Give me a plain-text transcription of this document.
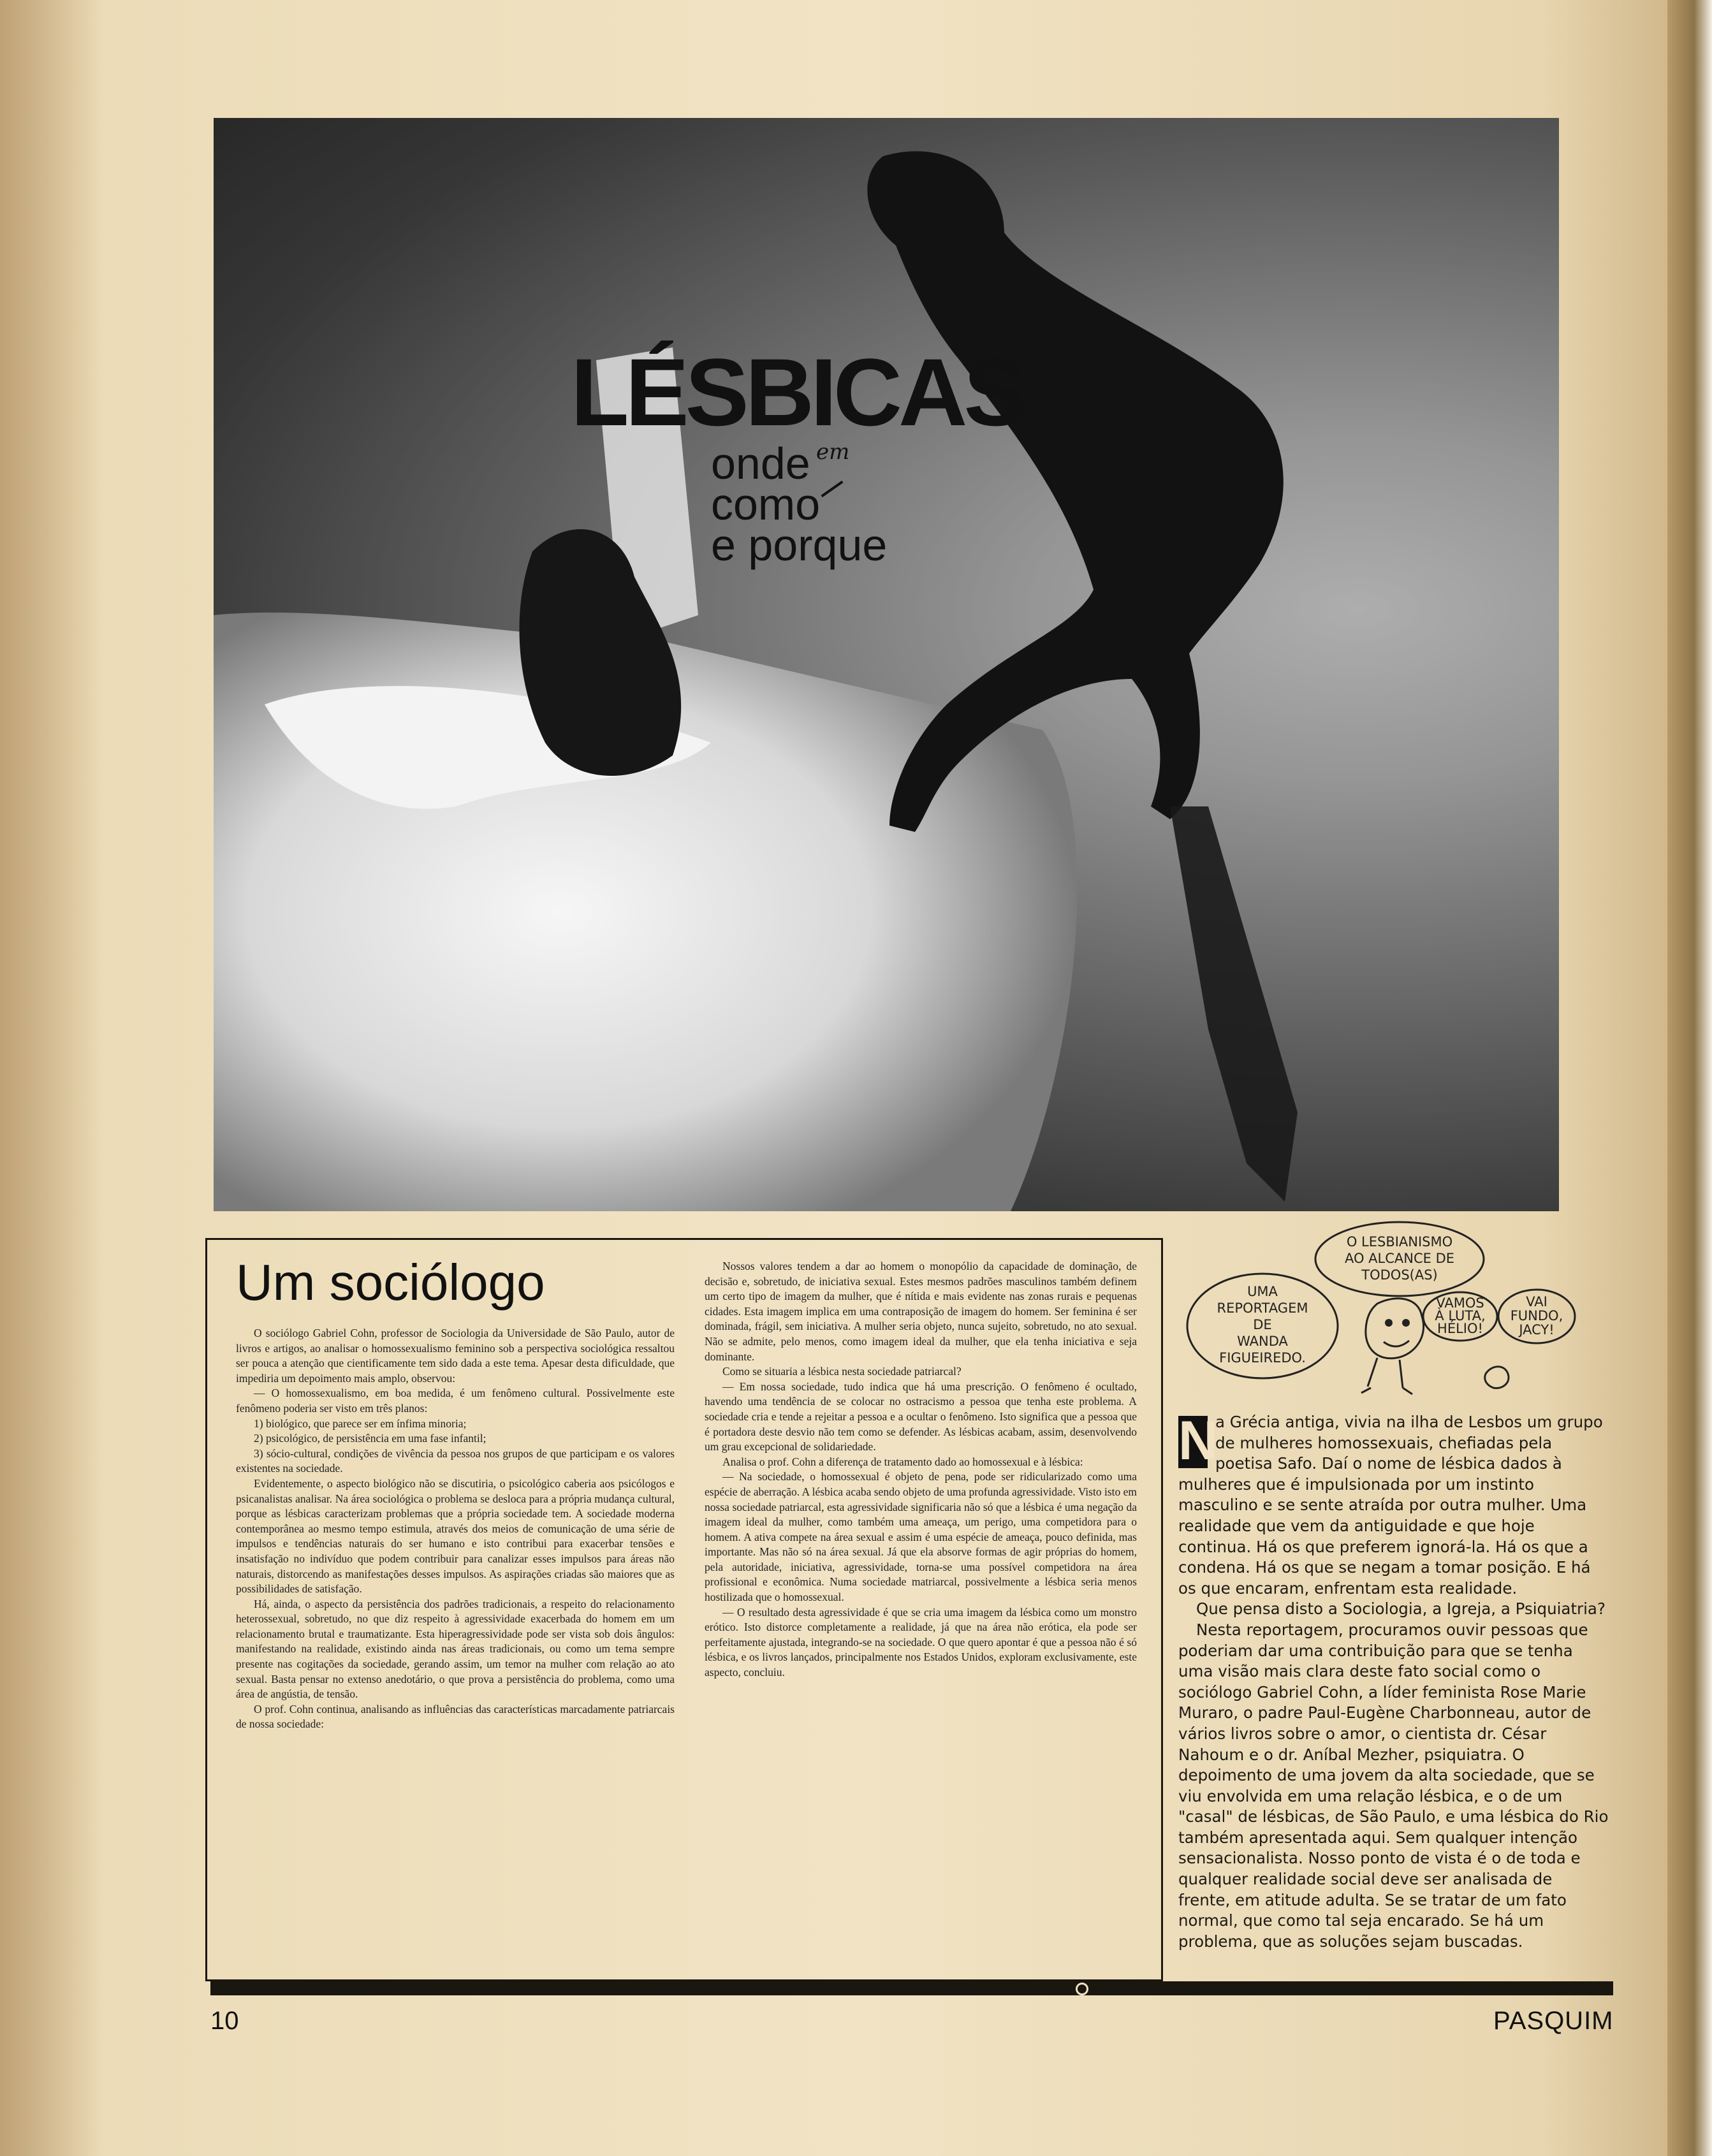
LÉSBICAS
onde
como
em
e porque
Um sociólogo

O sociólogo Gabriel Cohn, professor de Sociologia da Universidade de São Paulo, autor de livros e artigos, ao analisar o homossexualismo feminino sob a perspectiva sociológica ressaltou ser pouca a atenção que cientificamente tem sido dada a este tema. Apesar desta dificuldade, que impediria um depoimento mais amplo, observou:

— O homossexualismo, em boa medida, é um fenômeno cultural. Possivelmente este fenômeno poderia ser visto em três planos:

1) biológico, que parece ser em ínfima minoria;

2) psicológico, de persistência em uma fase infantil;

3) sócio-cultural, condições de vivência da pessoa nos grupos de que participam e os valores existentes na sociedade.

Evidentemente, o aspecto biológico não se discutiria, o psicológico caberia aos psicólogos e psicanalistas analisar. Na área sociológica o problema se desloca para a própria mudança cultural, porque as lésbicas caracterizam problemas que a própria sociedade tem. A sociedade moderna contemporânea ao mesmo tempo estimula, através dos meios de comunicação de uma série de impulsos e tendências naturais do ser humano e isto contribui para exacerbar tensões e insatisfação no indivíduo que podem contribuir para canalizar esses impulsos para áreas não naturais, distorcendo as manifestações desses impulsos. As aspirações criadas são maiores que as possibilidades de satisfação.

Há, ainda, o aspecto da persistência dos padrões tradicionais, a respeito do relacionamento heterossexual, sobretudo, no que diz respeito à agressividade exacerbada do homem em um relacionamento brutal e traumatizante. Esta hiperagressividade pode ser vista sob dois ângulos: manifestando na realidade, existindo ainda nas áreas tradicionais, ou como um tema sempre presente nas cogitações da sociedade, gerando assim, um temor na mulher com relação ao ato sexual. Basta pensar no extenso anedotário, o que prova a persistência do problema, como uma área de angústia, de tensão.

O prof. Cohn continua, analisando as influências das características marcadamente patriarcais de nossa sociedade:

Nossos valores tendem a dar ao homem o monopólio da capacidade de dominação, de decisão e, sobretudo, de iniciativa sexual. Estes mesmos padrões masculinos também definem um certo tipo de imagem da mulher, que é nítida e mais evidente nas zonas rurais e pequenas cidades. Esta imagem implica em uma contraposição de imagem do homem. Ser feminina é ser dominada, frágil, sem iniciativa. A mulher seria objeto, nunca sujeito, sobretudo, no ato sexual. Não se admite, pelo menos, como imagem ideal da mulher, que ela tenha iniciativa e seja dominante.

Como se situaria a lésbica nesta sociedade patriarcal?

— Em nossa sociedade, tudo indica que há uma prescrição. O fenômeno é ocultado, havendo uma tendência de se colocar no ostracismo a pessoa que tenha este problema. A sociedade cria e tende a rejeitar a pessoa e a ocultar o fenômeno. Isto significa que a pessoa que é portadora deste desvio não tem como se defender. As lésbicas acabam, assim, desenvolvendo um grau excepcional de solidariedade.

Analisa o prof. Cohn a diferença de tratamento dado ao homossexual e à lésbica:

— Na sociedade, o homossexual é objeto de pena, pode ser ridicularizado como uma espécie de aberração. A lésbica acaba sendo objeto de uma profunda agressividade. Visto isto em nossa sociedade patriarcal, esta agressividade significaria não só que a lésbica é uma negação da imagem ideal da mulher, como também uma ameaça, um perigo, uma competidora para o homem. A ativa compete na área sexual e assim é uma espécie de ameaça, pouco definida, mas importante. Mas não só na área sexual. Já que ela absorve formas de agir próprias do homem, pela autoridade, iniciativa, agressividade, torna-se uma possível competidora na área profissional e econômica. Numa sociedade matriarcal, possivelmente a lésbica seria menos hostilizada que o homossexual.

— O resultado desta agressividade é que se cria uma imagem da lésbica como um monstro erótico. Isto distorce completamente a realidade, já que na área não erótica, ela pode ser perfeitamente ajustada, integrando-se na sociedade. O que quero apontar é que a pessoa não é só lésbica, e os livros lançados, principalmente nos Estados Unidos, exploram exclusivamente, este aspecto, concluiu.

UMA
REPORTAGEM
DE
WANDA
FIGUEIREDO.
O LESBIANISMO
AO ALCANCE DE
TODOS(AS)
VAMOS
À LUTA,
HÉLIO!
VAI
FUNDO,
JACY!
N

a Grécia antiga, vivia na ilha de Lesbos um grupo de mulheres homossexuais, chefiadas pela poetisa Safo. Daí o nome de lésbica dados à mulheres que é impulsionada por um instinto masculino e se sente atraída por outra mulher. Uma realidade que vem da antiguidade e que hoje continua. Há os que preferem ignorá-la. Há os que a condena. Há os que se negam a tomar posição. E há os que encaram, enfrentam esta realidade.

Que pensa disto a Sociologia, a Igreja, a Psiquiatria?

Nesta reportagem, procuramos ouvir pessoas que poderiam dar uma contribuição para que se tenha uma visão mais clara deste fato social como o sociólogo Gabriel Cohn, a líder feminista Rose Marie Muraro, o padre Paul-Eugène Charbonneau, autor de vários livros sobre o amor, o cientista dr. César Nahoum e o dr. Aníbal Mezher, psiquiatra. O depoimento de uma jovem da alta sociedade, que se viu envolvida em uma relação lésbica, e o de um "casal" de lésbicas, de São Paulo, e uma lésbica do Rio também apresentada aqui. Sem qualquer intenção sensacionalista. Nosso ponto de vista é o de toda e qualquer realidade social deve ser analisada de frente, em atitude adulta. Se se tratar de um fato normal, que como tal seja encarado. Se há um problema, que as soluções sejam buscadas.

10	PASQUIM
